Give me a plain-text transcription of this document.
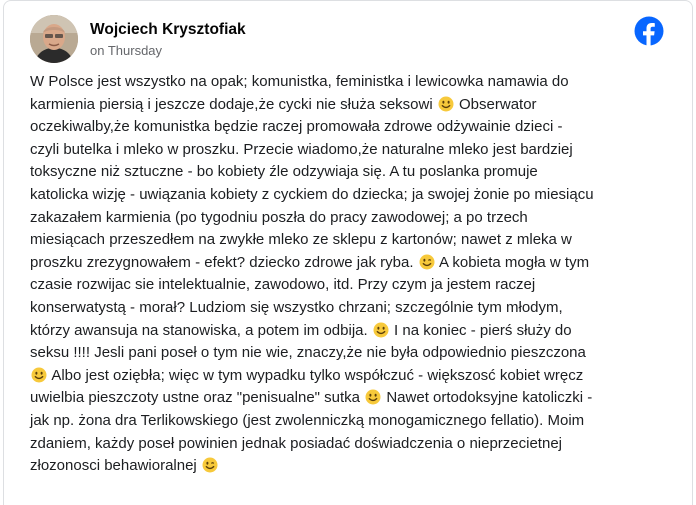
Wojciech Krysztofiak
on Thursday
W Polsce jest wszystko na opak; komunistka, feministka i lewicowka namawia do
karmienia piersią i jeszcze dodaje,że cycki nie służa seksowi  Obserwator
oczekiwalby,że komunistka będzie raczej promowała zdrowe odżywainie dzieci -
czyli butelka i mleko w proszku. Przecie wiadomo,że naturalne mleko jest bardziej
toksyczne niż sztuczne - bo kobiety źle odzywiaja się. A tu poslanka promuje
katolicka wizję - uwiązania kobiety z cyckiem do dziecka; ja swojej żonie po miesiącu
zakazałem karmienia (po tygodniu poszła do pracy zawodowej; a po trzech
miesiącach przeszedłem na zwykłe mleko ze sklepu z kartonów; nawet z mleka w
proszku zrezygnowałem - efekt? dziecko zdrowe jak ryba.  A kobieta mogła w tym
czasie rozwijac sie intelektualnie, zawodowo, itd. Przy czym ja jestem raczej
konserwatystą - morał? Ludziom się wszystko chrzani; szczególnie tym młodym,
którzy awansuja na stanowiska, a potem im odbija.  I na koniec - pierś służy do
seksu !!!! Jesli pani poseł o tym nie wie, znaczy,że nie była odpowiednio pieszczona
Albo jest oziębła; więc w tym wypadku tylko współczuć - większosć kobiet wręcz
uwielbia pieszczoty ustne oraz "penisualne" sutka  Nawet ortodoksyjne katoliczki -
jak np. żona dra Terlikowskiego (jest zwolenniczką monogamicznego fellatio). Moim
zdaniem, każdy poseł powinien jednak posiadać doświadczenia o nieprzecietnej
złozonosci behawioralnej
